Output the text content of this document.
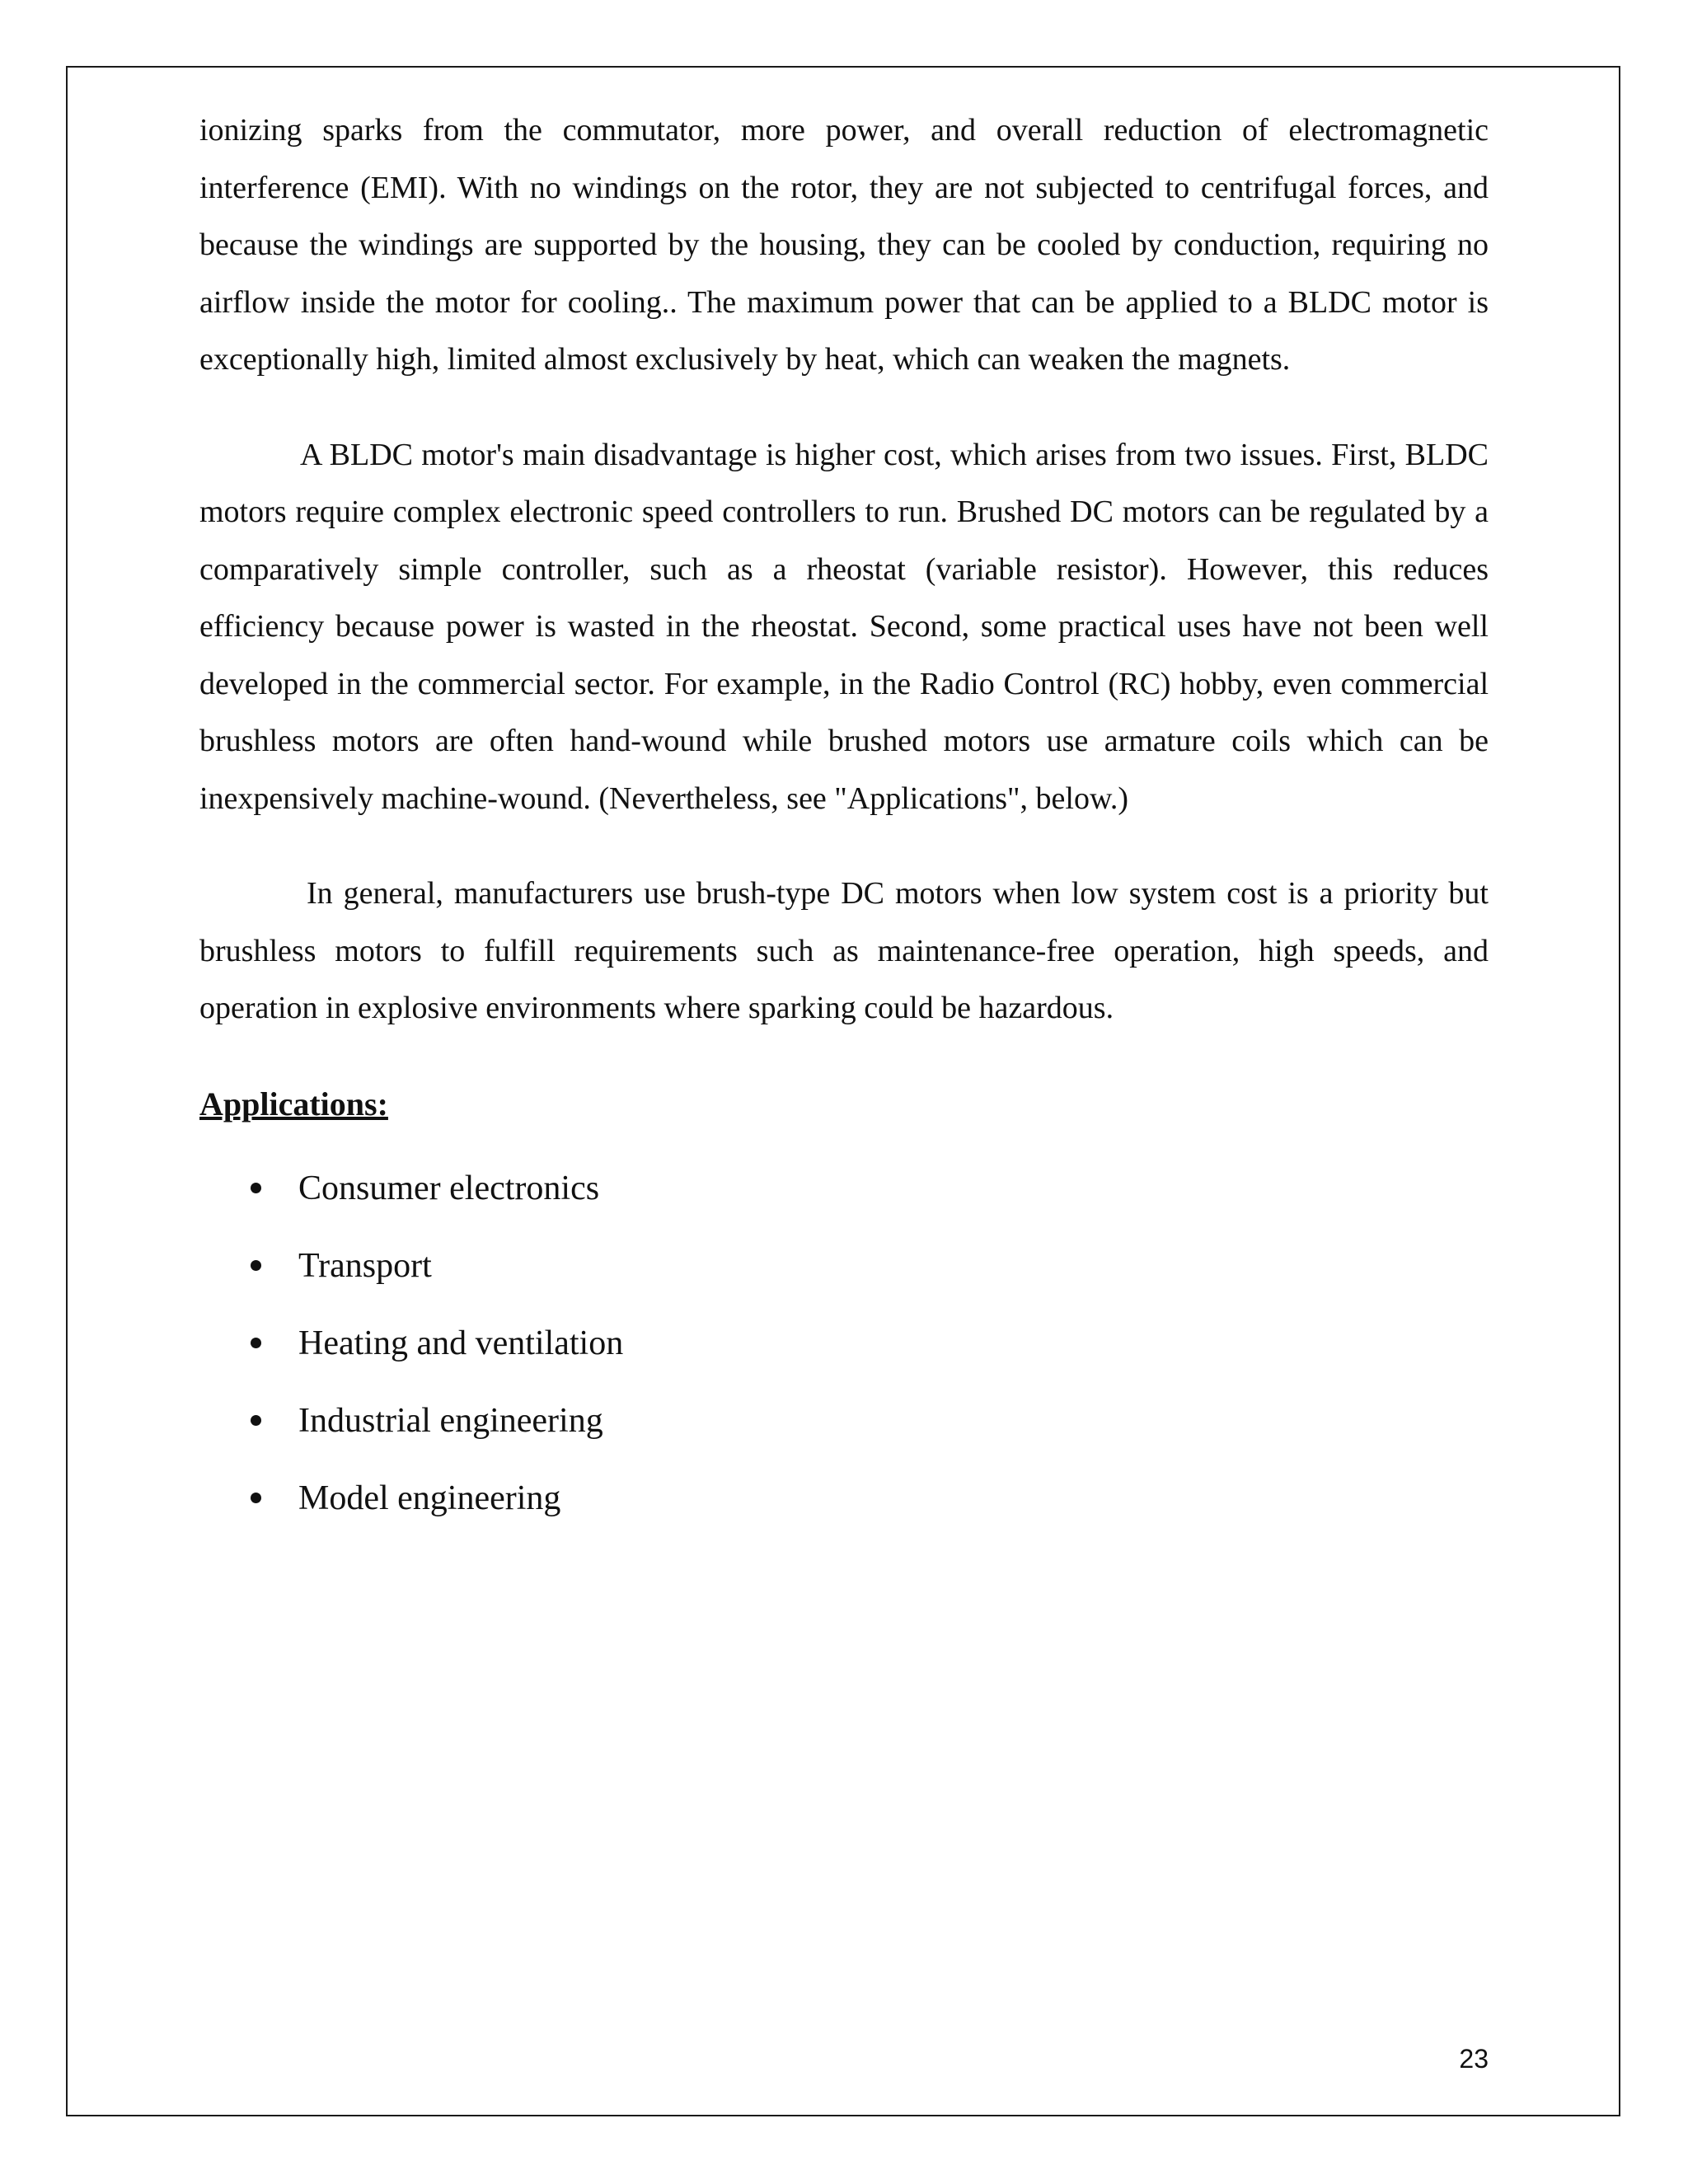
ionizing sparks from the commutator, more power, and overall reduction of electromagnetic interference (EMI). With no windings on the rotor, they are not subjected to centrifugal forces, and because the windings are supported by the housing, they can be cooled by conduction, requiring no airflow inside the motor for cooling.. The maximum power that can be applied to a BLDC motor is exceptionally high, limited almost exclusively by heat, which can weaken the magnets.

A BLDC motor's main disadvantage is higher cost, which arises from two issues. First, BLDC motors require complex electronic speed controllers to run. Brushed DC motors can be regulated by a comparatively simple controller, such as a rheostat (variable resistor). However, this reduces efficiency because power is wasted in the rheostat. Second, some practical uses have not been well developed in the commercial sector. For example, in the Radio Control (RC) hobby, even commercial brushless motors are often hand-wound while brushed motors use armature coils which can be inexpensively machine-wound. (Nevertheless, see "Applications", below.)

In general, manufacturers use brush-type DC motors when low system cost is a priority but brushless motors to fulfill requirements such as maintenance-free operation, high speeds, and operation in explosive environments where sparking could be hazardous.

Applications:
Consumer electronics
Transport
Heating and ventilation
Industrial engineering
Model engineering
23
